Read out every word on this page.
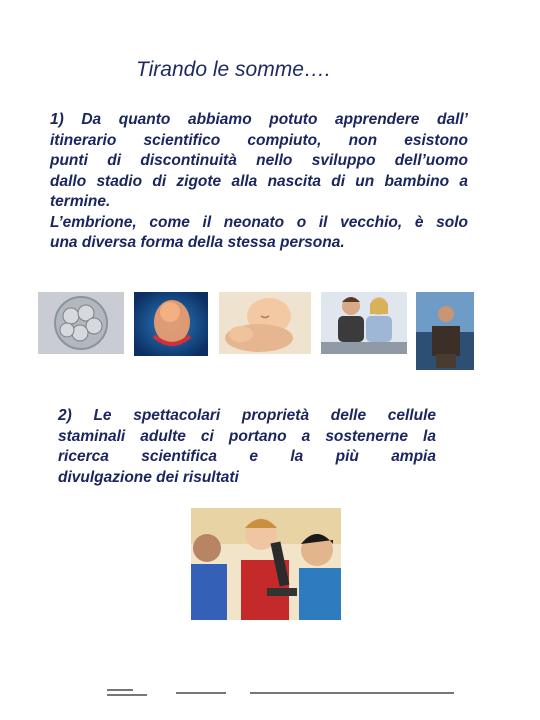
Tirando le somme….
1) Da quanto abbiamo potuto apprendere dall’
itinerario scientifico compiuto, non esistono
punti di discontinuità nello sviluppo dell’uomo
dallo stadio di zigote alla nascita di un bambino a
termine.
L’embrione, come il neonato o il vecchio, è solo
una diversa forma della stessa persona.
2) Le spettacolari proprietà delle cellule
staminali adulte ci portano a sostenerne la
ricerca scientifica e la più ampia
divulgazione dei risultati
